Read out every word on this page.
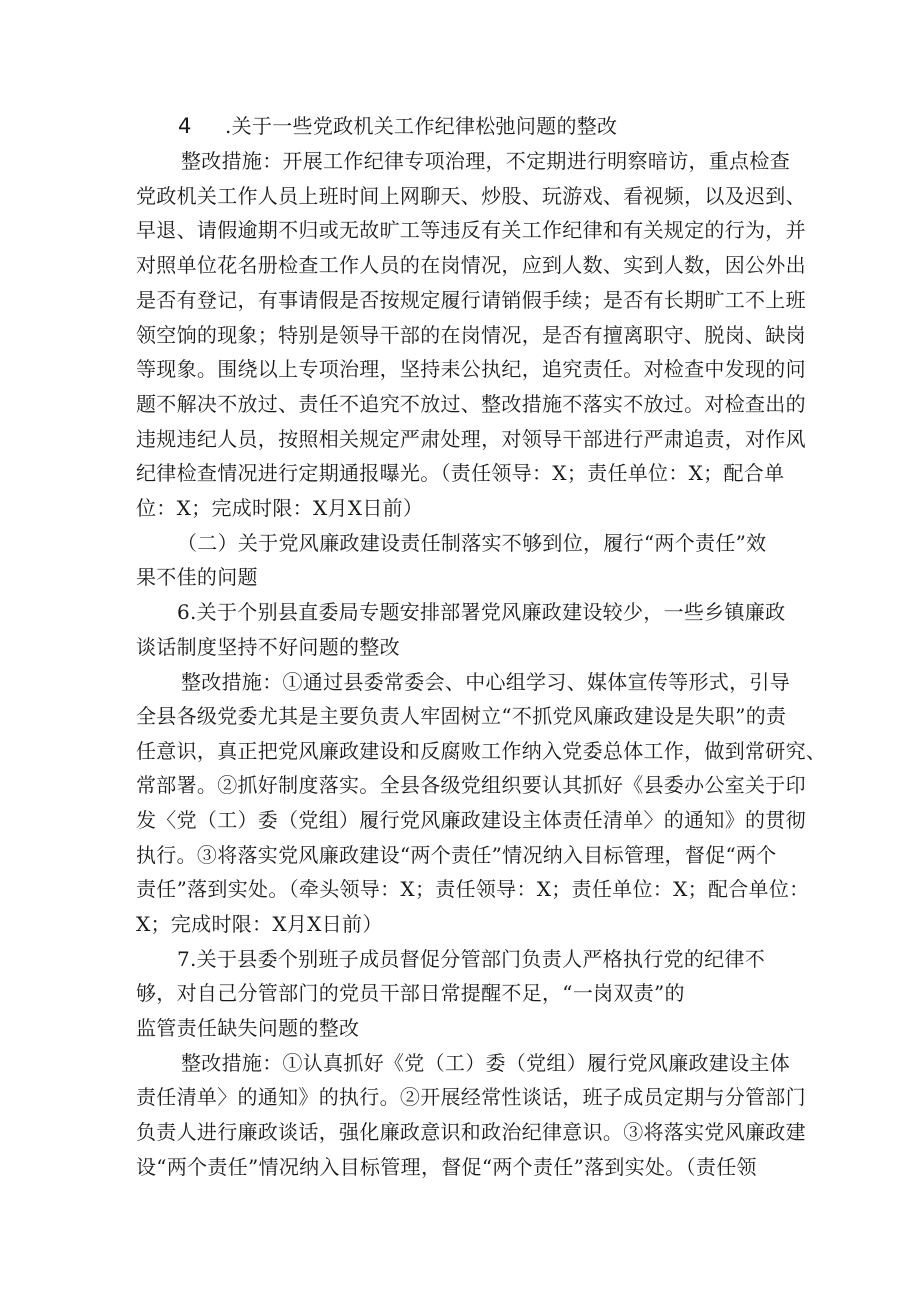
4 .关于一些党政机关工作纪律松弛问题的整改
整改措施：开展工作纪律专项治理，不定期进行明察暗访，重点检查
党政机关工作人员上班时间上网聊天、炒股、玩游戏、看视频，以及迟到、
早退、请假逾期不归或无故旷工等违反有关工作纪律和有关规定的行为，并
对照单位花名册检查工作人员的在岗情况，应到人数、实到人数，因公外出
是否有登记，有事请假是否按规定履行请销假手续；是否有长期旷工不上班
领空饷的现象；特别是领导干部的在岗情况，是否有擅离职守、脱岗、缺岗
等现象。围绕以上专项治理，坚持耒公执纪，追究责任。对检查中发现的问
题不解决不放过、责任不追究不放过、整改措施不落实不放过。对检查出的
违规违纪人员，按照相关规定严肃处理，对领导干部进行严肃追责，对作风
纪律检查情况进行定期通报曝光。（责任领导：X；责任单位：X；配合单
位：X；完成时限：X月X日前）
（二）关于党风廉政建设责任制落实不够到位，履行“两个责任”效
果不佳的问题
6.关于个别县直委局专题安排部署党风廉政建设较少，一些乡镇廉政
谈话制度坚持不好问题的整改
整改措施：①通过县委常委会、中心组学习、媒体宣传等形式，引导
全县各级党委尤其是主要负责人牢固树立“不抓党风廉政建设是失职”的责
任意识，真正把党风廉政建设和反腐败工作纳入党委总体工作，做到常研究、
常部署。②抓好制度落实。全县各级党组织要认其抓好《县委办公室关于印
发〈党（工）委（党组）履行党风廉政建设主体责任清单〉的通知》的贯彻
执行。③将落实党风廉政建设“两个责任”情况纳入目标管理，督促“两个
责任”落到实处。（牵头领导：X；责任领导：X；责任单位：X；配合单位：
X；完成时限：X月X日前）
7.关于县委个别班子成员督促分管部门负责人严格执行党的纪律不
够，对自己分管部门的党员干部日常提醒不足，“一岗双责”的
监管责任缺失问题的整改
整改措施：①认真抓好《党（工）委（党组）履行党风廉政建设主体
责任清单〉的通知》的执行。②开展经常性谈话，班子成员定期与分管部门
负责人进行廉政谈话，强化廉政意识和政治纪律意识。③将落实党风廉政建
设“两个责任”情况纳入目标管理，督促“两个责任”落到实处。（责任领
